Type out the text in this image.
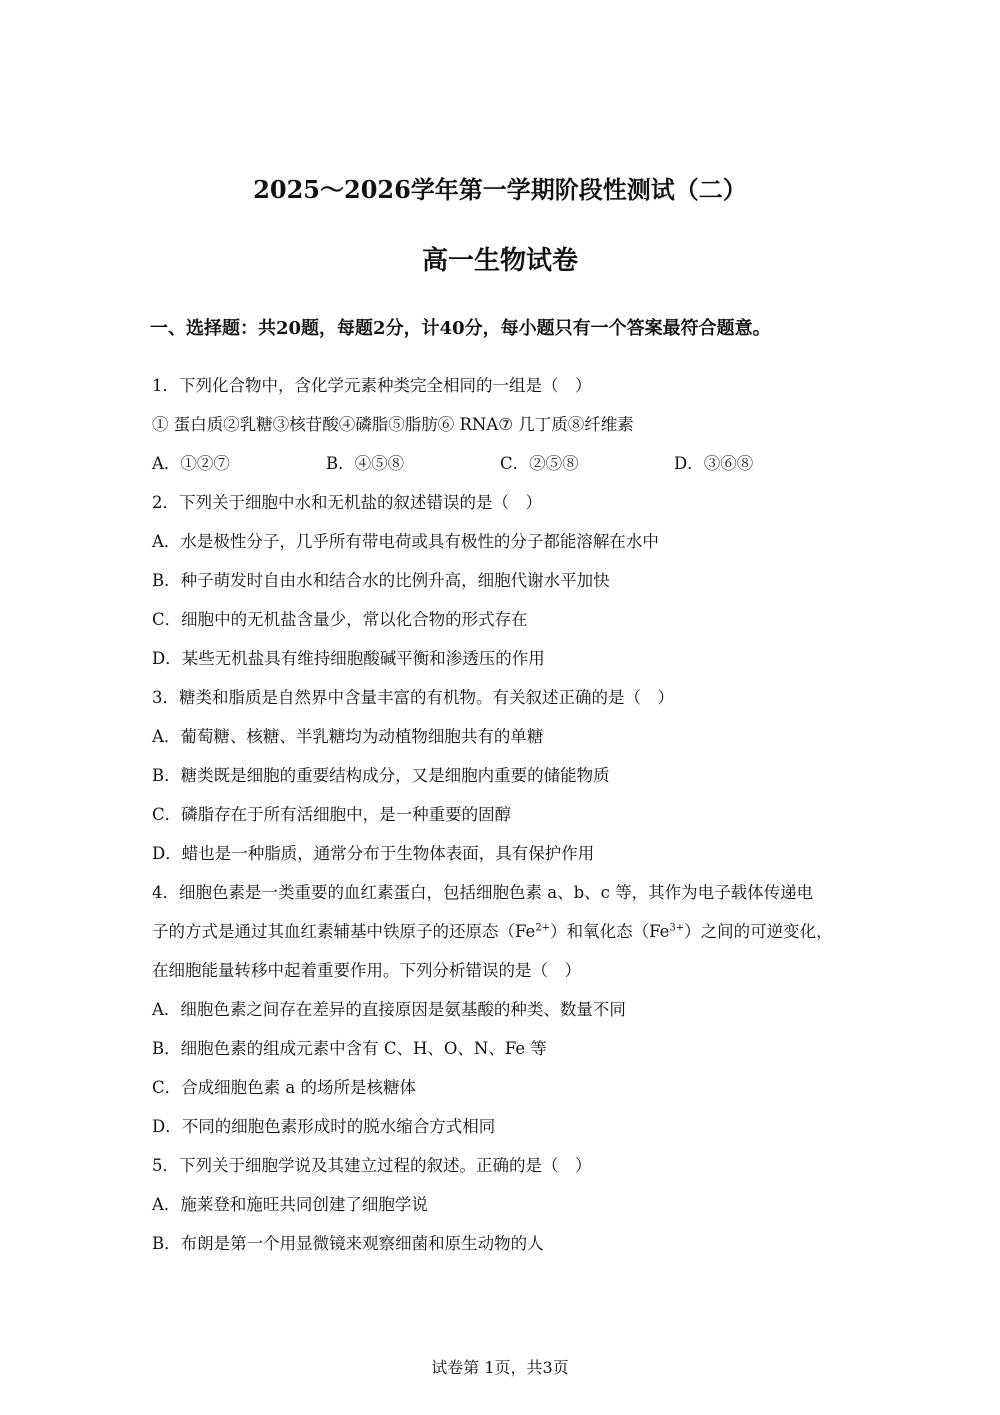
2025～2026学年第一学期阶段性测试（二）
高一生物试卷
一、选择题：共20题，每题2分，计40分，每小题只有一个答案最符合题意。
1．下列化合物中，含化学元素种类完全相同的一组是（　）
① 蛋白质②乳糖③核苷酸④磷脂⑤脂肪⑥ RNA⑦ 几丁质⑧纤维素
A．①②⑦	B．④⑤⑧	C．②⑤⑧	D．③⑥⑧
2．下列关于细胞中水和无机盐的叙述错误的是（　）
A．水是极性分子，几乎所有带电荷或具有极性的分子都能溶解在水中
B．种子萌发时自由水和结合水的比例升高，细胞代谢水平加快
C．细胞中的无机盐含量少，常以化合物的形式存在
D．某些无机盐具有维持细胞酸碱平衡和渗透压的作用
3．糖类和脂质是自然界中含量丰富的有机物。有关叙述正确的是（　）
A．葡萄糖、核糖、半乳糖均为动植物细胞共有的单糖
B．糖类既是细胞的重要结构成分，又是细胞内重要的储能物质
C．磷脂存在于所有活细胞中，是一种重要的固醇
D．蜡也是一种脂质，通常分布于生物体表面，具有保护作用
4．细胞色素是一类重要的血红素蛋白，包括细胞色素 a、b、c 等，其作为电子载体传递电
子的方式是通过其血红素辅基中铁原子的还原态$(Fe^{2+})$和氧化态$(Fe^{3+})$之间的可逆变化，
在细胞能量转移中起着重要作用。下列分析错误的是（　）
A．细胞色素之间存在差异的直接原因是氨基酸的种类、数量不同
B．细胞色素的组成元素中含有 C、H、O、N、Fe 等
C．合成细胞色素 a 的场所是核糖体
D．不同的细胞色素形成时的脱水缩合方式相同
5．下列关于细胞学说及其建立过程的叙述。正确的是（　）
A．施莱登和施旺共同创建了细胞学说
B．布朗是第一个用显微镜来观察细菌和原生动物的人
试卷第 1页，共3页
